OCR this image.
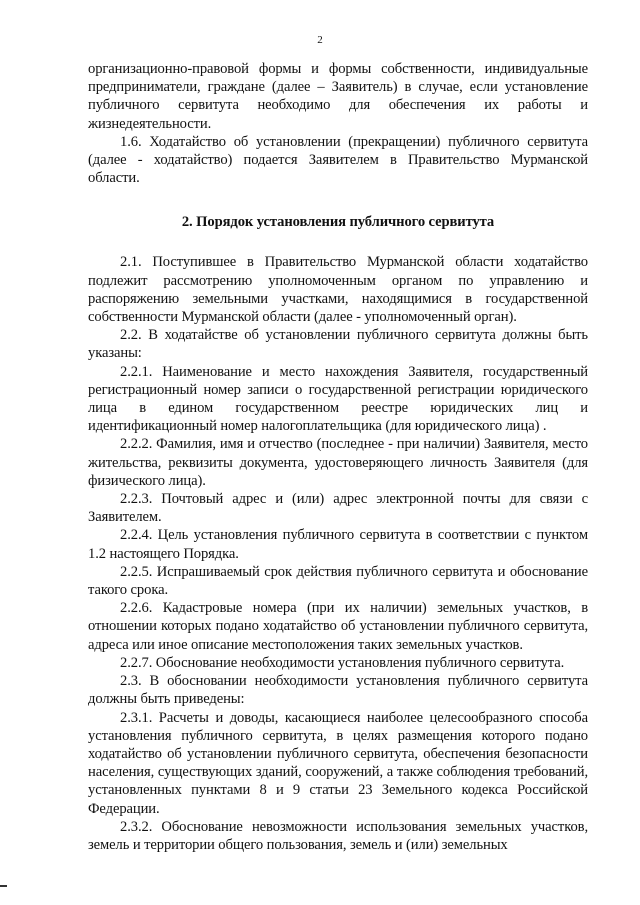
2

организационно-правовой формы и формы собственности, индивидуальные предприниматели, граждане (далее – Заявитель) в случае, если установление публичного сервитута необходимо для обеспечения их работы и жизнедеятельности.

1.6. Ходатайство об установлении (прекращении) публичного сервитута (далее - ходатайство) подается Заявителем в Правительство Мурманской области.

2. Порядок установления публичного сервитута

2.1. Поступившее в Правительство Мурманской области ходатайство подлежит рассмотрению уполномоченным органом по управлению и распоряжению земельными участками, находящимися в государственной собственности Мурманской области (далее - уполномоченный орган).

2.2. В ходатайстве об установлении публичного сервитута должны быть указаны:

2.2.1. Наименование и место нахождения Заявителя, государственный регистрационный номер записи о государственной регистрации юридического лица в едином государственном реестре юридических лиц и идентификационный номер налогоплательщика (для юридического лица) .

2.2.2. Фамилия, имя и отчество (последнее - при наличии) Заявителя, место жительства, реквизиты документа, удостоверяющего личность Заявителя (для физического лица).

2.2.3. Почтовый адрес и (или) адрес электронной почты для связи с Заявителем.

2.2.4. Цель установления публичного сервитута в соответствии с пунктом 1.2 настоящего Порядка.

2.2.5. Испрашиваемый срок действия публичного сервитута и обоснование такого срока.

2.2.6. Кадастровые номера (при их наличии) земельных участков, в отношении которых подано ходатайство об установлении публичного сервитута, адреса или иное описание местоположения таких земельных участков.

2.2.7. Обоснование необходимости установления публичного сервитута.

2.3. В обосновании необходимости установления публичного сервитута должны быть приведены:

2.3.1. Расчеты и доводы, касающиеся наиболее целесообразного способа установления публичного сервитута, в целях размещения которого подано ходатайство об установлении публичного сервитута, обеспечения безопасности населения, существующих зданий, сооружений, а также соблюдения требований, установленных пунктами 8 и 9 статьи 23 Земельного кодекса Российской Федерации.

2.3.2. Обоснование невозможности использования земельных участков, земель и территории общего пользования, земель и (или) земельных
